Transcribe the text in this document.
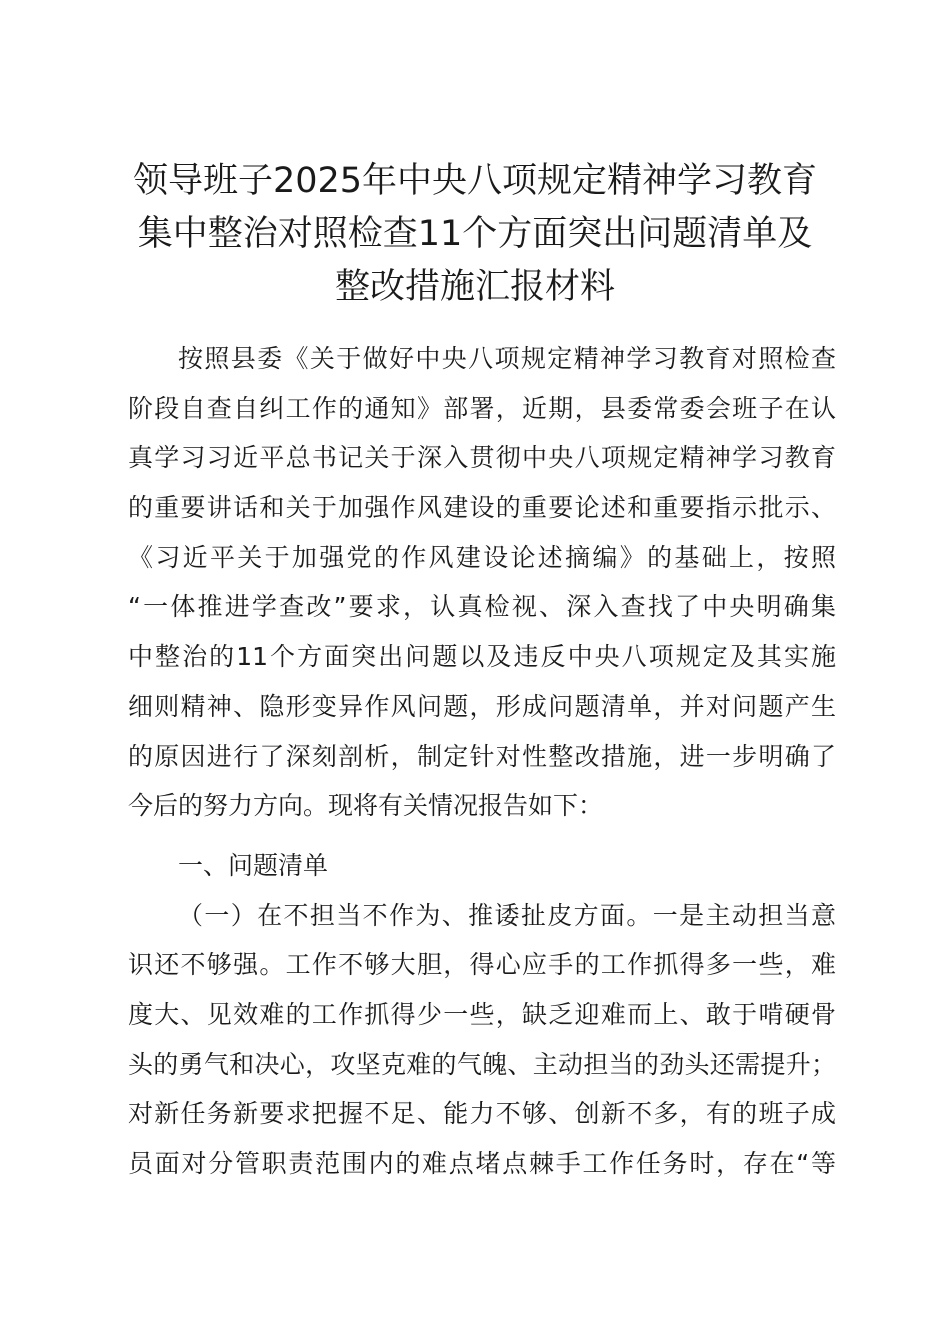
领导班子2025年中央八项规定精神学习教育
集中整治对照检查11个方面突出问题清单及
整改措施汇报材料
按照县委《关于做好中央八项规定精神学习教育对照检查
阶段自查自纠工作的通知》部署，近期，县委常委会班子在认
真学习习近平总书记关于深入贯彻中央八项规定精神学习教育
的重要讲话和关于加强作风建设的重要论述和重要指示批示、
《习近平关于加强党的作风建设论述摘编》的基础上，按照
“一体推进学查改”要求，认真检视、深入查找了中央明确集
中整治的11个方面突出问题以及违反中央八项规定及其实施
细则精神、隐形变异作风问题，形成问题清单，并对问题产生
的原因进行了深刻剖析，制定针对性整改措施，进一步明确了
今后的努力方向。现将有关情况报告如下：
一、问题清单
（一）在不担当不作为、推诿扯皮方面。一是主动担当意
识还不够强。工作不够大胆，得心应手的工作抓得多一些，难
度大、见效难的工作抓得少一些，缺乏迎难而上、敢于啃硬骨
头的勇气和决心，攻坚克难的气魄、主动担当的劲头还需提升；
对新任务新要求把握不足、能力不够、创新不多，有的班子成
员面对分管职责范围内的难点堵点棘手工作任务时，存在“等
